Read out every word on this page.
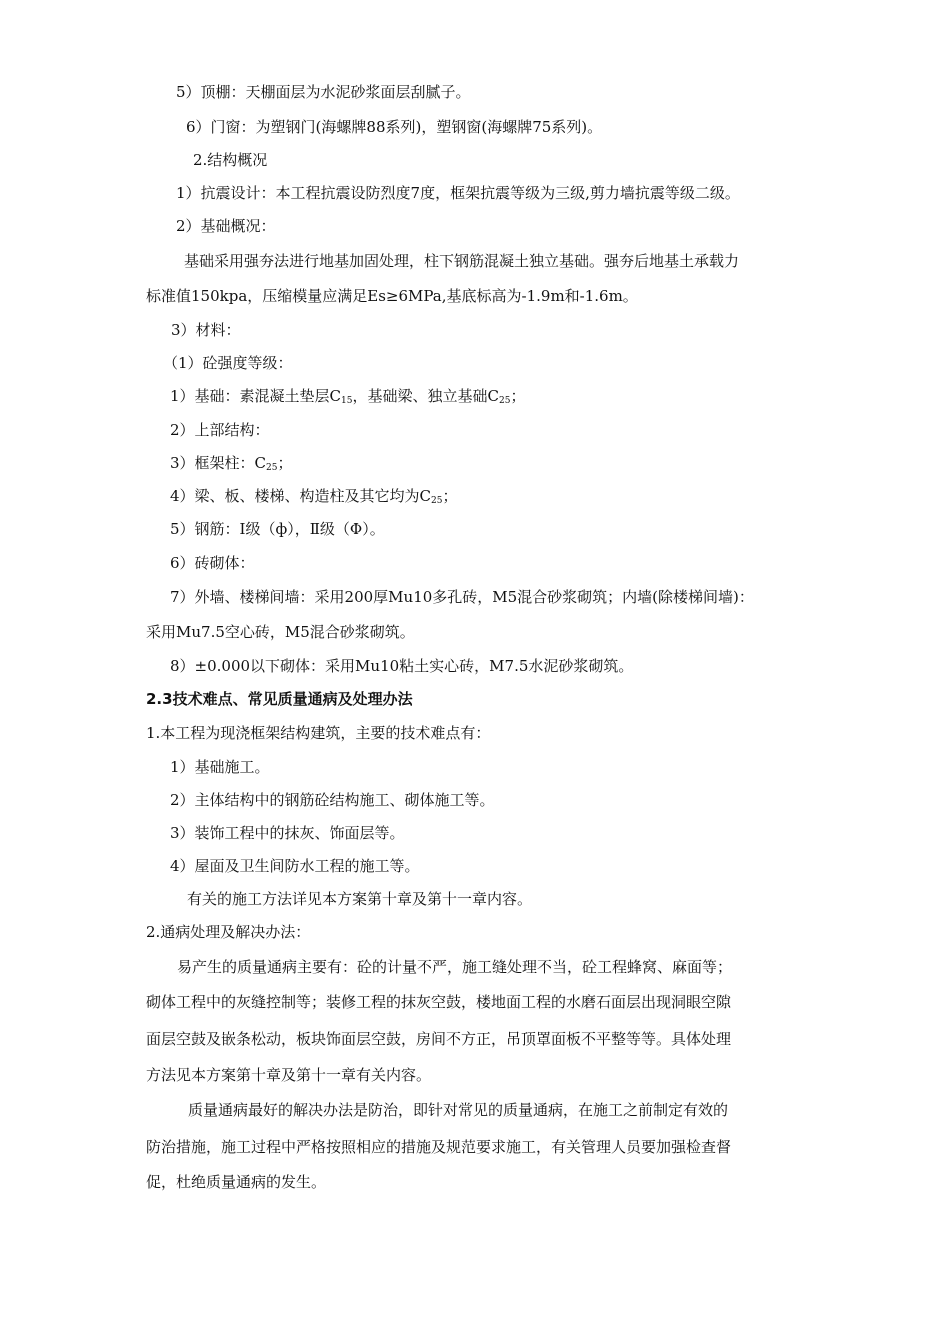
5）顶棚：天棚面层为水泥砂浆面层刮腻子。
6）门窗：为塑钢门(海螺牌88系列)，塑钢窗(海螺牌75系列)。
2.结构概况
1）抗震设计：本工程抗震设防烈度7度，框架抗震等级为三级,剪力墙抗震等级二级。
2）基础概况：
基础采用强夯法进行地基加固处理，柱下钢筋混凝土独立基础。强夯后地基土承载力
标准值150kpa，压缩模量应满足Es≥6MPa,基底标高为-1.9m和-1.6m。
3）材料：
（1）砼强度等级：
1）基础：素混凝土垫层$C_{15}$，基础梁、独立基础$C_{25}$；
2）上部结构：
3）框架柱：$C_{25}$；
4）梁、板、楼梯、构造柱及其它均为$C_{25}$；
5）钢筋：Ⅰ级（ф），Ⅱ级（Φ）。
6）砖砌体：
7）外墙、楼梯间墙：采用200厚Mu10多孔砖，M5混合砂浆砌筑；内墙(除楼梯间墙)：
采用Mu7.5空心砖，M5混合砂浆砌筑。
8）±0.000以下砌体：采用Mu10粘土实心砖，M7.5水泥砂浆砌筑。
2.3技术难点、常见质量通病及处理办法
1.本工程为现浇框架结构建筑，主要的技术难点有：
1）基础施工。
2）主体结构中的钢筋砼结构施工、砌体施工等。
3）装饰工程中的抹灰、饰面层等。
4）屋面及卫生间防水工程的施工等。
有关的施工方法详见本方案第十章及第十一章内容。
2.通病处理及解决办法：
易产生的质量通病主要有：砼的计量不严，施工缝处理不当，砼工程蜂窝、麻面等；
砌体工程中的灰缝控制等；装修工程的抹灰空鼓，楼地面工程的水磨石面层出现洞眼空隙
面层空鼓及嵌条松动，板块饰面层空鼓，房间不方正，吊顶罩面板不平整等等。具体处理
方法见本方案第十章及第十一章有关内容。
质量通病最好的解决办法是防治，即针对常见的质量通病，在施工之前制定有效的
防治措施，施工过程中严格按照相应的措施及规范要求施工，有关管理人员要加强检查督
促，杜绝质量通病的发生。
